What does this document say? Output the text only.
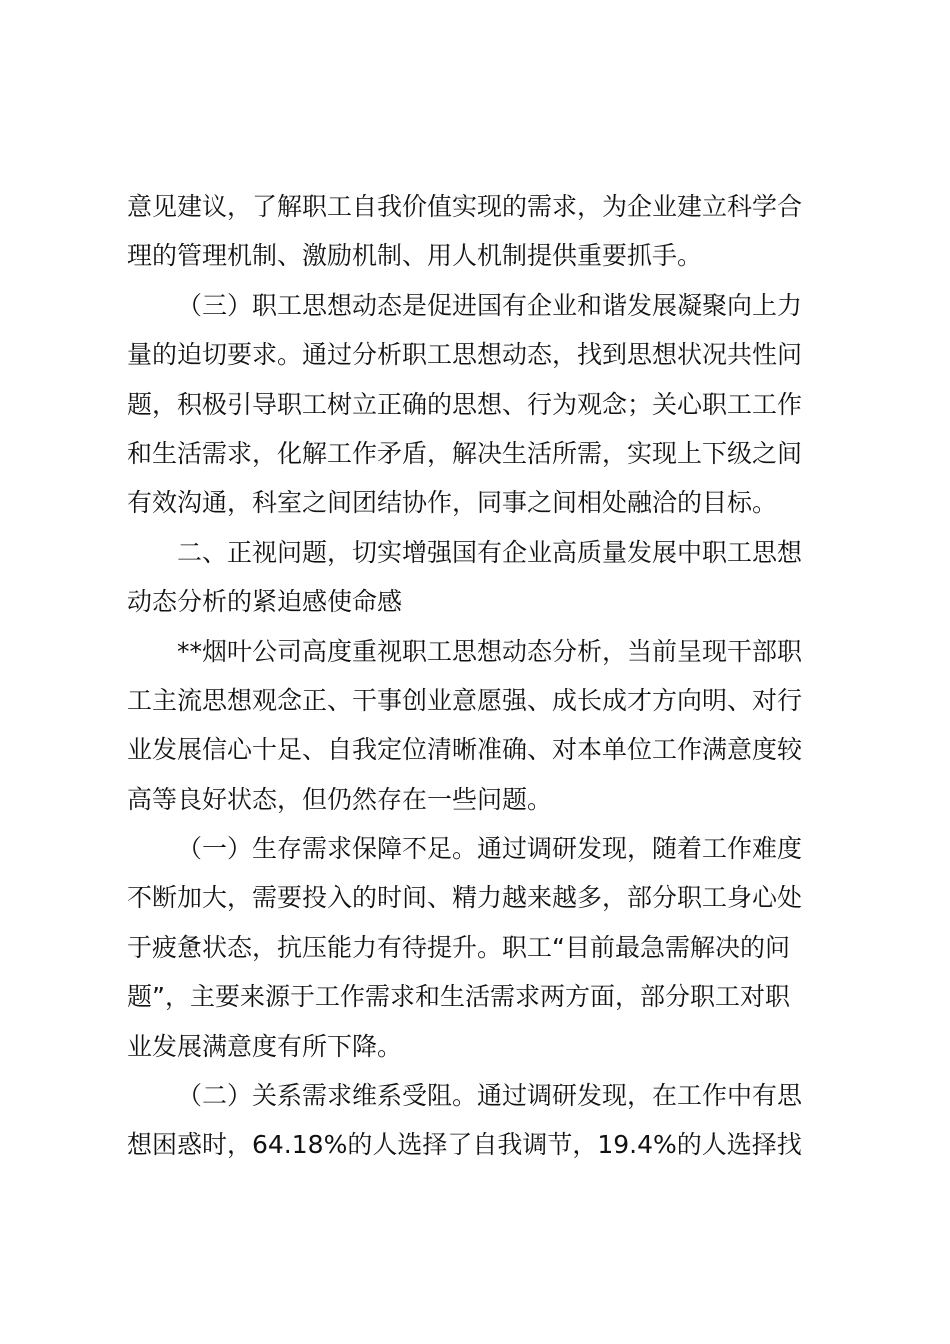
意见建议，了解职工自我价值实现的需求，为企业建立科学合
理的管理机制、激励机制、用人机制提供重要抓手。
（三）职工思想动态是促进国有企业和谐发展凝聚向上力
量的迫切要求。通过分析职工思想动态，找到思想状况共性问
题，积极引导职工树立正确的思想、行为观念；关心职工工作
和生活需求，化解工作矛盾，解决生活所需，实现上下级之间
有效沟通，科室之间团结协作，同事之间相处融洽的目标。
二、正视问题，切实增强国有企业高质量发展中职工思想
动态分析的紧迫感使命感
**烟叶公司高度重视职工思想动态分析，当前呈现干部职
工主流思想观念正、干事创业意愿强、成长成才方向明、对行
业发展信心十足、自我定位清晰准确、对本单位工作满意度较
高等良好状态，但仍然存在一些问题。
（一）生存需求保障不足。通过调研发现，随着工作难度
不断加大，需要投入的时间、精力越来越多，部分职工身心处
于疲惫状态，抗压能力有待提升。职工“目前最急需解决的问
题”，主要来源于工作需求和生活需求两方面，部分职工对职
业发展满意度有所下降。
（二）关系需求维系受阻。通过调研发现，在工作中有思
想困惑时，64.18%的人选择了自我调节，19.4%的人选择找
